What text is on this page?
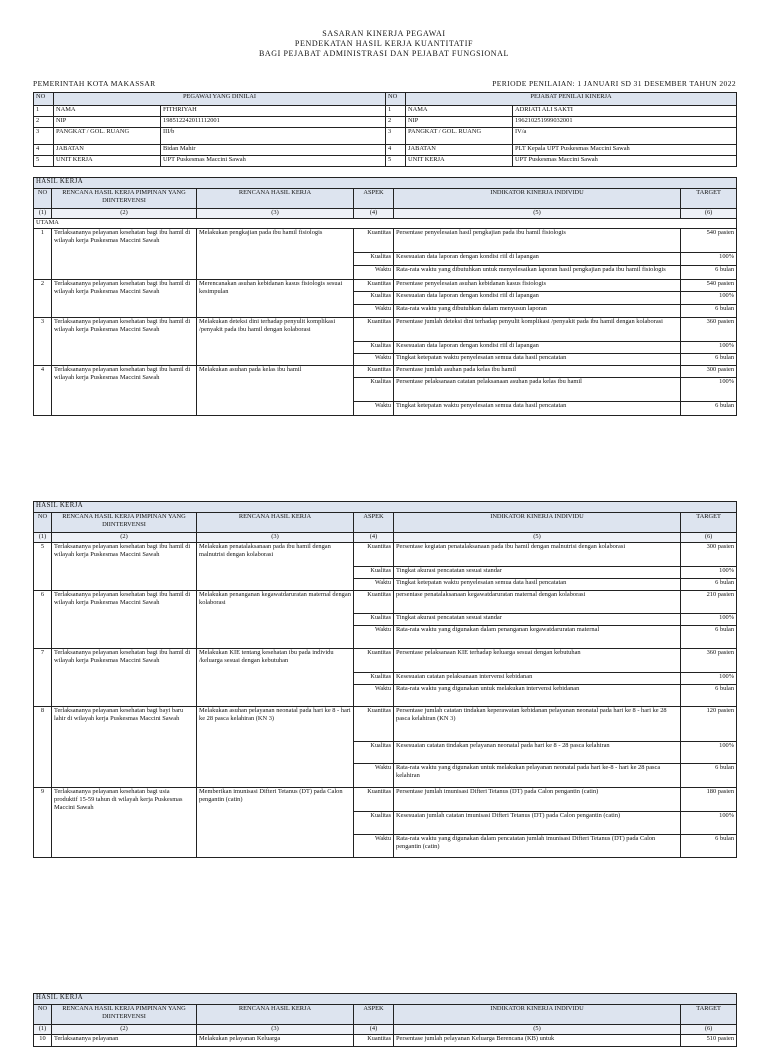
SASARAN KINERJA PEGAWAI
PENDEKATAN HASIL KERJA KUANTITATIF
BAGI PEJABAT ADMINISTRASI DAN PEJABAT FUNGSIONAL
PEMERINTAH KOTA MAKASSAR	PERIODE PENILAIAN: 1 JANUARI SD 31 DESEMBER TAHUN 2022
NO	PEGAWAI YANG DINILAI		NO	PEJABAT PENILAI KINERJA	
1	NAMA	FITHRIYAH	1	NAMA	ADRIATI ALI SAKTI
2	NIP	198512242011112001	2	NIP	196210251999032001
3	PANGKAT / GOL. RUANG	III/b	3	PANGKAT / GOL. RUANG	IV/a
4	JABATAN	Bidan Mahir	4	JABATAN	PLT Kepala UPT Puskesmas Maccini Sawah
5	UNIT KERJA	UPT Puskesmas Maccini Sawah	5	UNIT KERJA	UPT Puskesmas Maccini Sawah
HASIL KERJA					
NO	RENCANA HASIL KERJA PIMPINAN YANG DIINTERVENSI	RENCANA HASIL KERJA	ASPEK	INDIKATOR KINERJA INDIVIDU	TARGET
(1)	(2)	(3)	(4)	(5)	(6)
UTAMA					
1	Terlaksananya pelayanan kesehatan bagi ibu hamil di wilayah kerja Puskesmas Maccini Sawah	Melakukan pengkajian pada ibu hamil fisiologis	Kuantitas	Persentase penyelesaian hasil pengkajian pada ibu hamil fisiologis	540 pasien
			Kualitas	Kesesuaian data laporan dengan kondisi riil di lapangan	100%
			Waktu	Rata-rata waktu yang dibutuhkan untuk menyelesaikan laporan hasil pengkajian pada ibu hamil fisiologis	6 bulan
2	Terlaksananya pelayanan kesehatan bagi ibu hamil di wilayah kerja Puskesmas Maccini Sawah	Merencanakan asuhan kebidanan kasus fisiologis sesuai kesimpulan	Kuantitas	Persentase penyelesaian asuhan kebidanan kasus fisiologis	540 pasien
			Kualitas	Kesesuaian data laporan dengan kondisi riil di lapangan	100%
			Waktu	Rata-rata waktu yang dibutuhkan dalam menyusun laporan	6 bulan
3	Terlaksananya pelayanan kesehatan bagi ibu hamil di wilayah kerja Puskesmas Maccini Sawah	Melakukan deteksi dini terhadap penyulit komplikasi /penyakit pada ibu hamil dengan kolaborasi	Kuantitas	Persentase jumlah deteksi dini terhadap penyulit komplikasi /penyakit pada ibu hamil dengan kolaborasi	360 pasien
			Kualitas	Kesesuaian data laporan dengan kondisi riil di lapangan	100%
			Waktu	Tingkat ketepatan waktu penyelesaian semua data hasil pencatatan	6 bulan
4	Terlaksananya pelayanan kesehatan bagi ibu hamil di wilayah kerja Puskesmas Maccini Sawah	Melakukan asuhan pada kelas ibu hamil	Kuantitas	Persentase jumlah asuhan pada kelas ibu hamil	300 pasien
			Kualitas	Persentase pelaksanaan catatan pelaksanaan asuhan pada kelas ibu hamil	100%
			Waktu	Tingkat ketepatan waktu penyelesaian semua data hasil pencatatan	6 bulan
HASIL KERJA					
NO	RENCANA HASIL KERJA PIMPINAN YANG DIINTERVENSI	RENCANA HASIL KERJA	ASPEK	INDIKATOR KINERJA INDIVIDU	TARGET
(1)	(2)	(3)	(4)	(5)	(6)
5	Terlaksananya pelayanan kesehatan bagi ibu hamil di wilayah kerja Puskesmas Maccini Sawah	Melakukan penatalaksanaan pada ibu hamil dengan malnutrisi dengan kolaborasi	Kuantitas	Persentase kegiatan penatalaksanaan pada ibu hamil dengan malnutrisi dengan kolaborasi	300 pasien
			Kualitas	Tingkat akurasi pencatatan sesuai standar	100%
			Waktu	Tingkat ketepatan waktu penyelesaian semua data hasil pencatatan	6 bulan
6	Terlaksananya pelayanan kesehatan bagi ibu hamil di wilayah kerja Puskesmas Maccini Sawah	Melakukan penanganan kegawatdaruratan maternal dengan kolaborasi	Kuantitas	persentase penatalaksanaan kegawatdaruratan maternal dengan kolaborasi	210 pasien
			Kualitas	Tingkat akurasi pencatatan sesuai standar	100%
			Waktu	Rata-rata waktu yang digunakan dalam penanganan kegawatdaruratan maternal	6 bulan
7	Terlaksananya pelayanan kesehatan bagi ibu hamil di wilayah kerja Puskesmas Maccini Sawah	Melakukan KIE tentang kesehatan ibu pada individu /keluarga sesuai dengan kebutuhan	Kuantitas	Persentase pelaksanaan KIE terhadap keluarga sesuai dengan kebutuhan	360 pasien
			Kualitas	Kesesuaian catatan pelaksanaan intervensi kebidanan	100%
			Waktu	Rata-rata waktu yang digunakan untuk melakukan intervensi kebidanan	6 bulan
8	Terlaksananya pelayanan kesehatan bagi bayi baru lahir di wilayah kerja Puskesmas Maccini Sawah	Melakukan asuhan pelayanan neonatal pada hari ke 8 - hari ke 28 pasca kelahiran (KN 3)	Kuantitas	Persentase jumlah catatan tindakan keperawatan kebidanan pelayanan neonatal pada hari ke 8 - hari ke 28 pasca kelahiran (KN 3)	120 pasien
			Kualitas	Kesesuaian catatan tindakan pelayanan neonatal pada hari ke 8 - 28 pasca kelahiran	100%
			Waktu	Rata-rata waktu yang digunakan untuk melakukan pelayanan neonatal pada hari ke-8 - hari ke 28 pasca kelahiran	6 bulan
9	Terlaksananya pelayanan kesehatan bagi usia produktif 15-59 tahun di wilayah kerja Puskesmas Maccini Sawah	Memberikan imunisasi Difteri Tetanus (DT) pada Calon pengantin (catin)	Kuantitas	Persentase jumlah imunisasi Difteri Tetanus (DT) pada Calon pengantin (catin)	180 pasien
			Kualitas	Kesesuaian jumlah catatan imunisasi Difteri Tetanus (DT) pada Calon pengantin (catin)	100%
			Waktu	Rata-rata waktu yang digunakan dalam pencatatan jumlah imunisasi Difteri Tetanus (DT) pada Calon pengantin (catin)	6 bulan
HASIL KERJA					
NO	RENCANA HASIL KERJA PIMPINAN YANG DIINTERVENSI	RENCANA HASIL KERJA	ASPEK	INDIKATOR KINERJA INDIVIDU	TARGET
(1)	(2)	(3)	(4)	(5)	(6)
10	Terlaksananya pelayanan	Melakukan pelayanan Keluarga	Kuantitas	Persentase jumlah pelayanan Keluarga Berencana (KB) untuk	510 pasien
